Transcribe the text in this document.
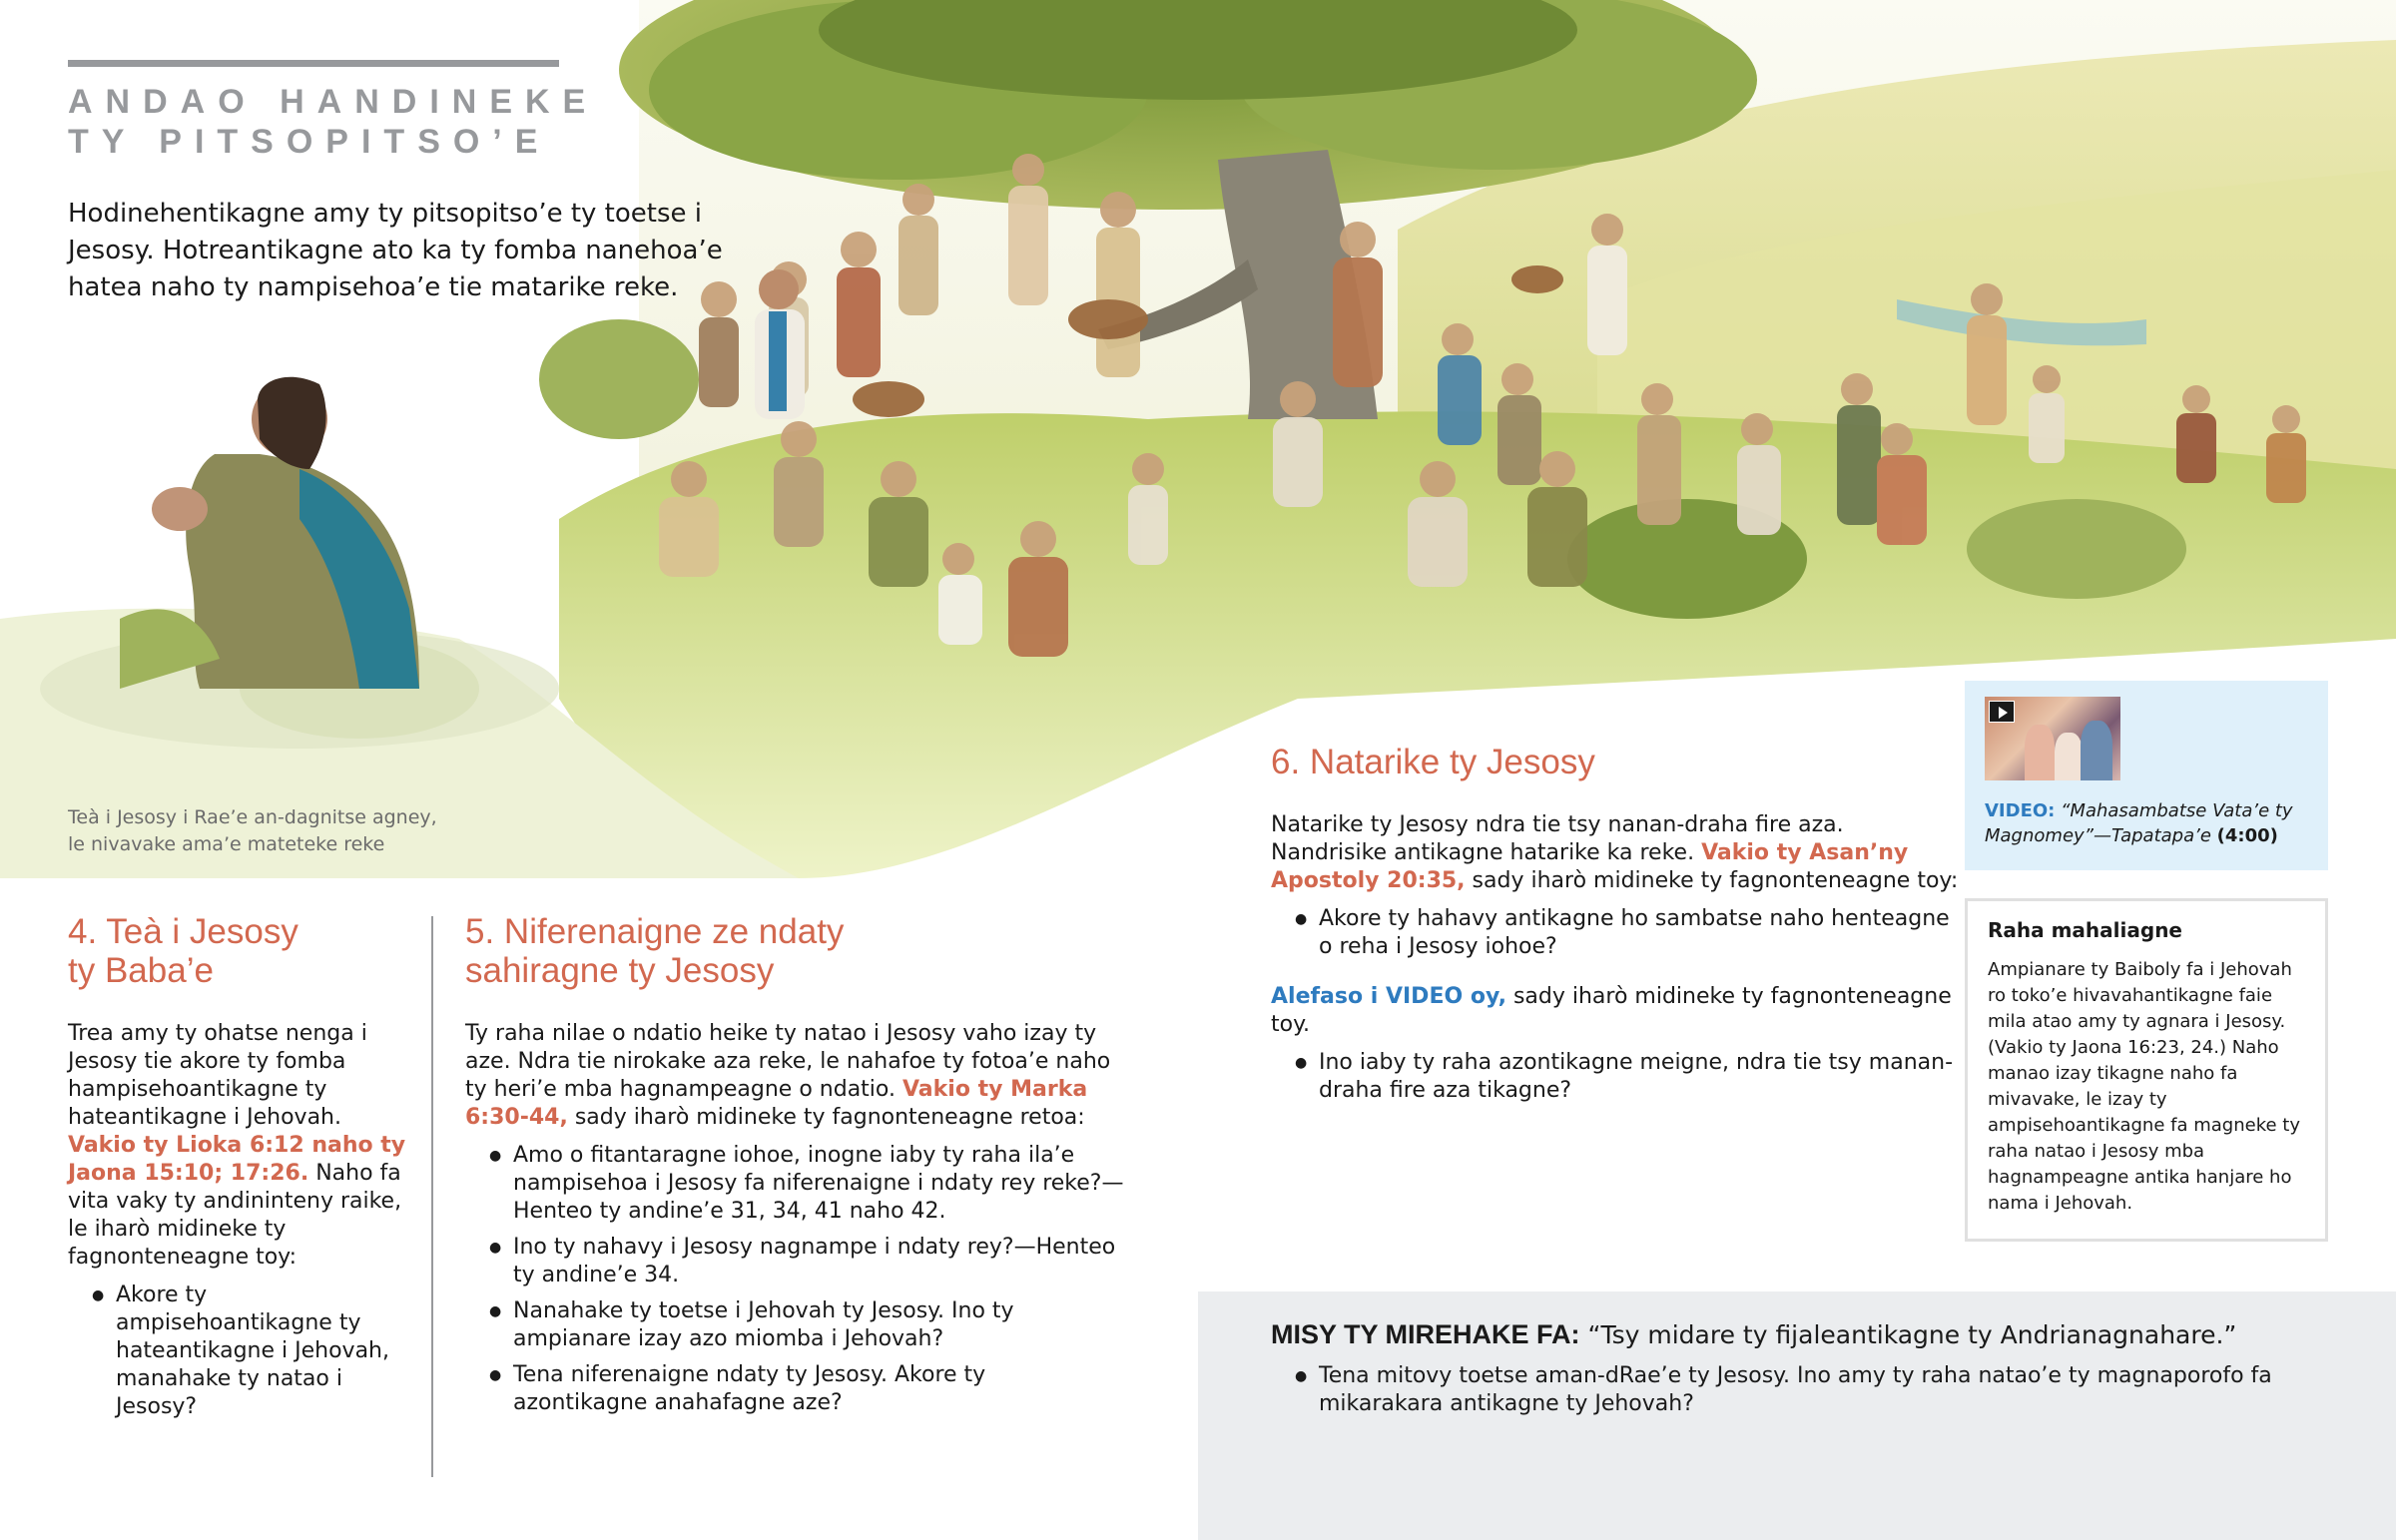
ANDAO HANDINEKE
TY PITSOPITSO’E

Hodinehentikagne amy ty pitsopitso’e ty toetse i Jesosy. Hotreantikagne ato ka ty fomba nanehoa’e hatea naho ty nampisehoa’e tie matarike reke.

Teà i Jesosy i Rae’e an-dagnitse agney,
le nivavake ama’e mateteke reke
4. Teà i Jesosy
ty Baba’e

Trea amy ty ohatse nenga i Jesosy tie akore ty fomba hampisehoantikagne ty hateantikagne i Jehovah. Vakio ty Lioka 6:12 naho ty Jaona 15:10; 17:26. Naho fa vita vaky ty andininteny raike, le iharò midineke ty fagnonteneagne toy:

● Akore ty ampisehoantikagne ty hateantikagne i Jehovah, manahake ty natao i Jesosy?
5. Niferenaigne ze ndaty
sahiragne ty Jesosy

Ty raha nilae o ndatio heike ty natao i Jesosy vaho izay ty aze. Ndra tie nirokake aza reke, le nahafoe ty fotoa’e naho ty heri’e mba hagnampeagne o ndatio. Vakio ty Marka 6:30-44, sady iharò midineke ty fagnonteneagne retoa:

● Amo o fitantaragne iohoe, inogne iaby ty raha ila’e nampisehoa i Jesosy fa niferenaigne i ndaty rey reke?—Henteo ty andine’e 31, 34, 41 naho 42.
● Ino ty nahavy i Jesosy nagnampe i ndaty rey?—Henteo ty andine’e 34.
● Nanahake ty toetse i Jehovah ty Jesosy. Ino ty ampianare izay azo miomba i Jehovah?
● Tena niferenaigne ndaty ty Jesosy. Akore ty azontikagne anahafagne aze?
6. Natarike ty Jesosy

Natarike ty Jesosy ndra tie tsy nanan-draha fire aza. Nandrisike antikagne hatarike ka reke. Vakio ty Asan’ny Apostoly 20:35, sady iharò midineke ty fagnonteneagne toy:

● Akore ty hahavy antikagne ho sambatse naho henteagne o reha i Jesosy iohoe?

Alefaso i VIDEO oy, sady iharò midineke ty fagnonteneagne toy.

● Ino iaby ty raha azontikagne meigne, ndra tie tsy manan-draha fire aza tikagne?
VIDEO: “Mahasambatse Vata’e ty Magnomey”—Tapatapa’e (4:00)
Raha mahaliagne

Ampianare ty Baiboly fa i Jehovah ro toko’e hivavahantikagne faie mila atao amy ty agnara i Jesosy. (Vakio ty Jaona 16:23, 24.) Naho manao izay tikagne naho fa mivavake, le izay ty ampisehoantikagne fa magneke ty raha natao i Jesosy mba hagnampeagne antika hanjare ho nama i Jehovah.

MISY TY MIREHAKE FA: “Tsy midare ty fijaleantikagne ty Andrianagnahare.”

● Tena mitovy toetse aman-dRae’e ty Jesosy. Ino amy ty raha natao’e ty magnaporofo fa mikarakara antikagne ty Jehovah?
